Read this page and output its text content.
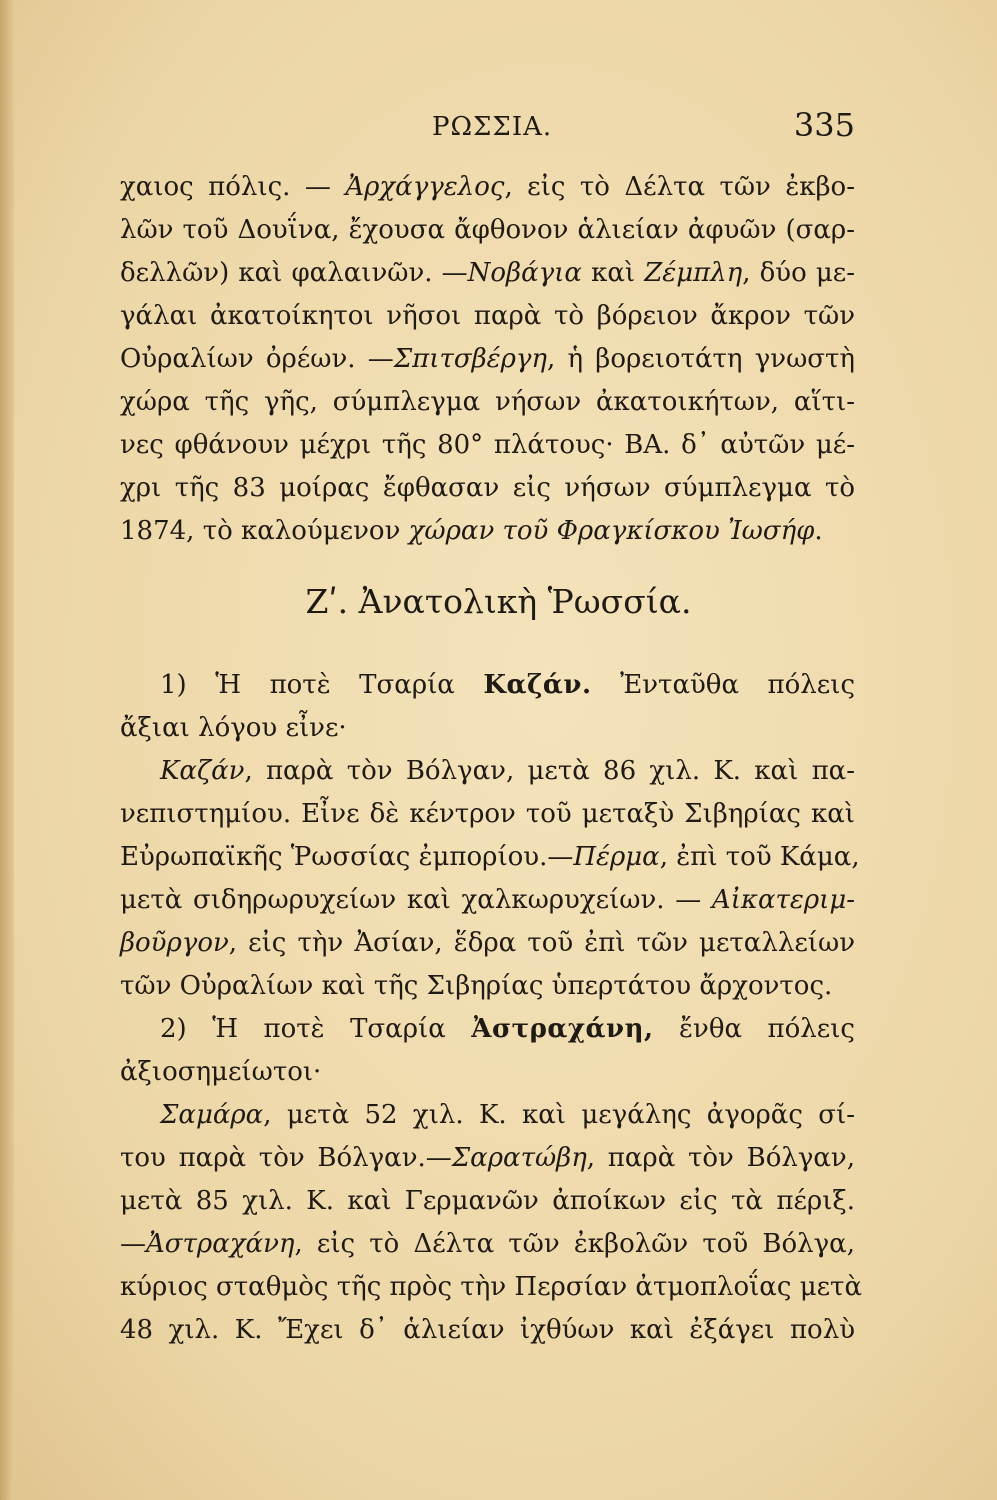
ΡΩΣΣΙΑ.	335
χαιος πόλις. — Ἀρχάγγελος, εἰς τὸ Δέλτα τῶν ἐκβο-
λῶν τοῦ Δουΐνα, ἔχουσα ἄφθονον ἁλιείαν ἀφυῶν (σαρ-
δελλῶν) καὶ φαλαινῶν. —Νοβάγια καὶ Ζέμπλη, δύο με-
γάλαι ἀκατοίκητοι νῆσοι παρὰ τὸ βόρειον ἄκρον τῶν
Οὐραλίων ὀρέων. —Σπιτσβέργη, ἡ βορειοτάτη γνωστὴ
χώρα τῆς γῆς, σύμπλεγμα νήσων ἀκατοικήτων, αἵτι-
νες φθάνουν μέχρι τῆς 80° πλάτους· ΒΑ. δ᾽ αὐτῶν μέ-
χρι τῆς 83 μοίρας ἔφθασαν εἰς νήσων σύμπλεγμα τὸ
1874, τὸ καλούμενον χώραν τοῦ Φραγκίσκου Ἰωσήφ.
Ζʹ. Ἀνατολικὴ Ῥωσσία.
1) Ἡ ποτὲ Τσαρία Καζάν. Ἐνταῦθα πόλεις
ἄξιαι λόγου εἶνε·
Καζάν, παρὰ τὸν Βόλγαν, μετὰ 86 χιλ. Κ. καὶ πα-
νεπιστημίου. Εἶνε δὲ κέντρον τοῦ μεταξὺ Σιβηρίας καὶ
Εὐρωπαϊκῆς Ῥωσσίας ἐμπορίου.—Πέρμα, ἐπὶ τοῦ Κάμα,
μετὰ σιδηρωρυχείων καὶ χαλκωρυχείων. — Αἰκατεριμ-
βοῦργον, εἰς τὴν Ἀσίαν, ἕδρα τοῦ ἐπὶ τῶν μεταλλείων
τῶν Οὐραλίων καὶ τῆς Σιβηρίας ὑπερτάτου ἄρχοντος.
2) Ἡ ποτὲ Τσαρία Ἀστραχάνη, ἔνθα πόλεις
ἀξιοσημείωτοι·
Σαμάρα, μετὰ 52 χιλ. Κ. καὶ μεγάλης ἀγορᾶς σί-
του παρὰ τὸν Βόλγαν.—Σαρατώβη, παρὰ τὸν Βόλγαν,
μετὰ 85 χιλ. Κ. καὶ Γερμανῶν ἀποίκων εἰς τὰ πέριξ.
—Ἀστραχάνη, εἰς τὸ Δέλτα τῶν ἐκβολῶν τοῦ Βόλγα,
κύριος σταθμὸς τῆς πρὸς τὴν Περσίαν ἀτμοπλοΐας μετὰ
48 χιλ. Κ. Ἔχει δ᾽ ἁλιείαν ἰχθύων καὶ ἐξάγει πολὺ
